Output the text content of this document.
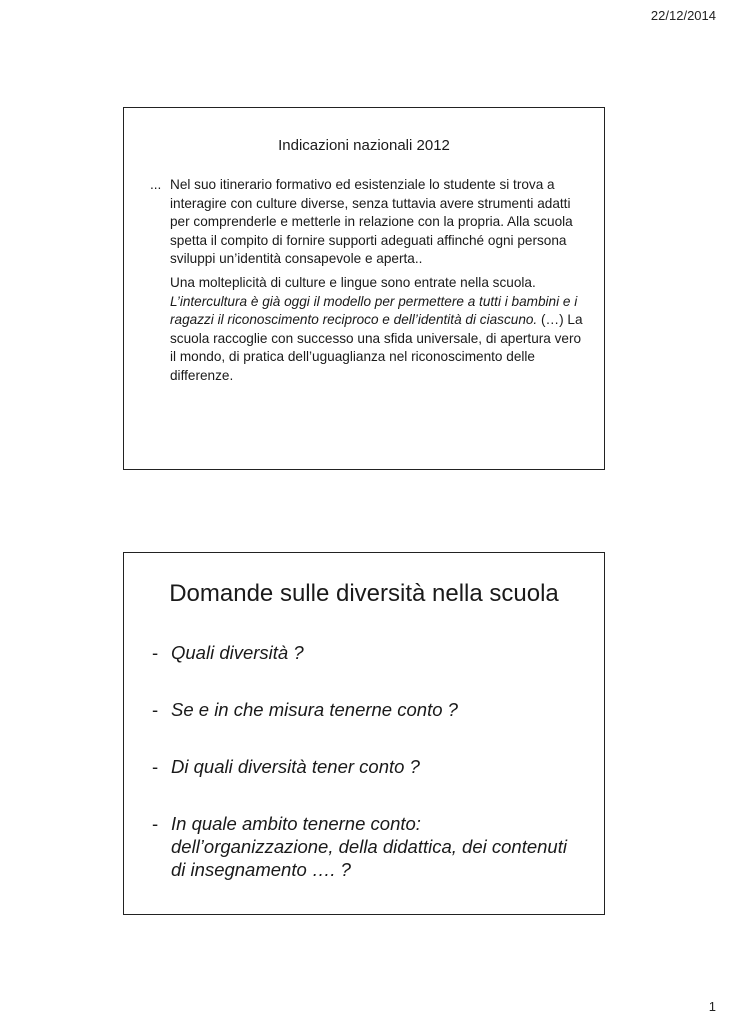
22/12/2014
Indicazioni nazionali 2012

... Nel suo itinerario formativo ed esistenziale lo studente si trova a interagire con culture diverse, senza tuttavia avere strumenti adatti per comprenderle e metterle in relazione con la propria. Alla scuola spetta il compito di fornire supporti adeguati affinché ogni persona sviluppi un’identità consapevole e aperta..

Una molteplicità di culture e lingue sono entrate nella scuola. L’intercultura è già oggi il modello per permettere a tutti i bambini e i ragazzi il riconoscimento reciproco e dell’identità di ciascuno. (…) La scuola raccoglie con successo una sfida universale, di apertura vero il mondo, di pratica dell’uguaglianza nel riconoscimento delle differenze.

Domande sulle diversità nella scuola
- Quali diversità ?
- Se e in che misura tenerne conto ?
- Di quali diversità tener conto ?
- In quale ambito tenerne conto: dell’organizzazione, della didattica, dei contenuti di insegnamento …. ?
1
